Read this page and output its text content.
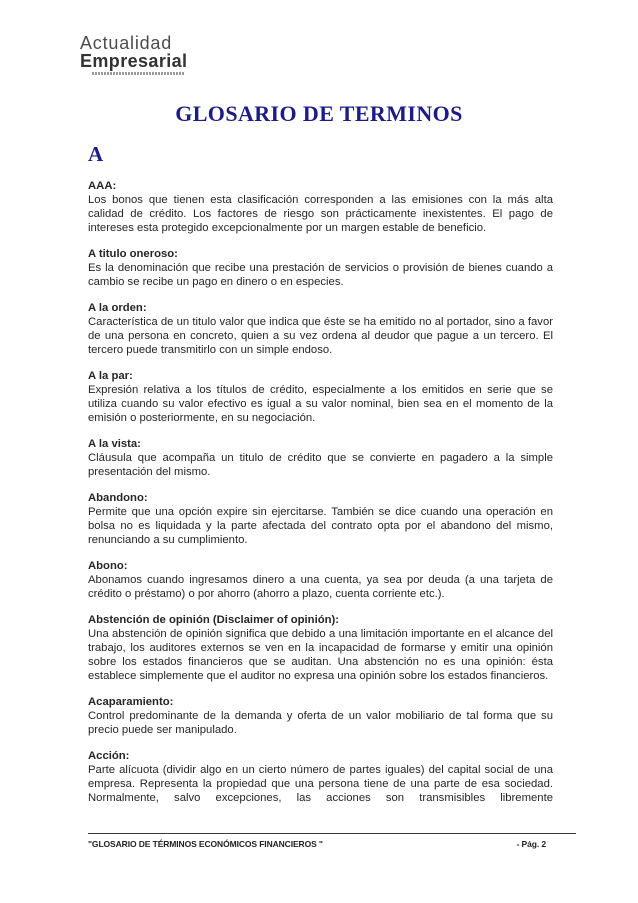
Actualidad
Empresarial
GLOSARIO DE TERMINOS
A
AAA:

Los bonos que tienen esta clasificación corresponden a las emisiones con la más alta calidad de crédito. Los factores de riesgo son prácticamente inexistentes. El pago de intereses esta protegido excepcionalmente por un margen estable de beneficio.

A titulo oneroso:

Es la denominación que recibe una prestación de servicios o provisión de bienes cuando a cambio se recibe un pago en dinero o en especies.

A la orden:

Característica de un titulo valor que indica que éste se ha emitido no al portador, sino a favor de una persona en concreto, quien a su vez ordena al deudor que pague a un tercero. El tercero puede transmitirlo con un simple endoso.

A la par:

Expresión relativa a los títulos de crédito, especialmente a los emitidos en serie que se utiliza cuando su valor efectivo es igual a su valor nominal, bien sea en el momento de la emisión o posteriormente, en su negociación.

A la vista:

Cláusula que acompaña un titulo de crédito que se convierte en pagadero a la simple presentación del mismo.

Abandono:

Permite que una opción expire sin ejercitarse. También se dice cuando una operación en bolsa no es liquidada y la parte afectada del contrato opta por el abandono del mismo, renunciando a su cumplimiento.

Abono:

Abonamos cuando ingresamos dinero a una cuenta, ya sea por deuda (a una tarjeta de crédito o préstamo) o por ahorro (ahorro a plazo, cuenta corriente etc.).

Abstención de opinión (Disclaimer of opinión):

Una abstención de opinión significa que debido a una limitación importante en el alcance del trabajo, los auditores externos se ven en la incapacidad de formarse y emitir una opinión sobre los estados financieros que se auditan. Una abstención no es una opinión: ésta establece simplemente que el auditor no expresa una opinión sobre los estados financieros.

Acaparamiento:

Control predominante de la demanda y oferta de un valor mobiliario de tal forma que su precio puede ser manipulado.

Acción:

Parte alícuota (dividir algo en un cierto número de partes iguales) del capital social de una empresa. Representa la propiedad que una persona tiene de una parte de esa sociedad. Normalmente, salvo excepciones, las acciones son transmisibles libremente

"GLOSARIO DE TÉRMINOS ECONÓMICOS FINANCIEROS "	- Pág. 2
